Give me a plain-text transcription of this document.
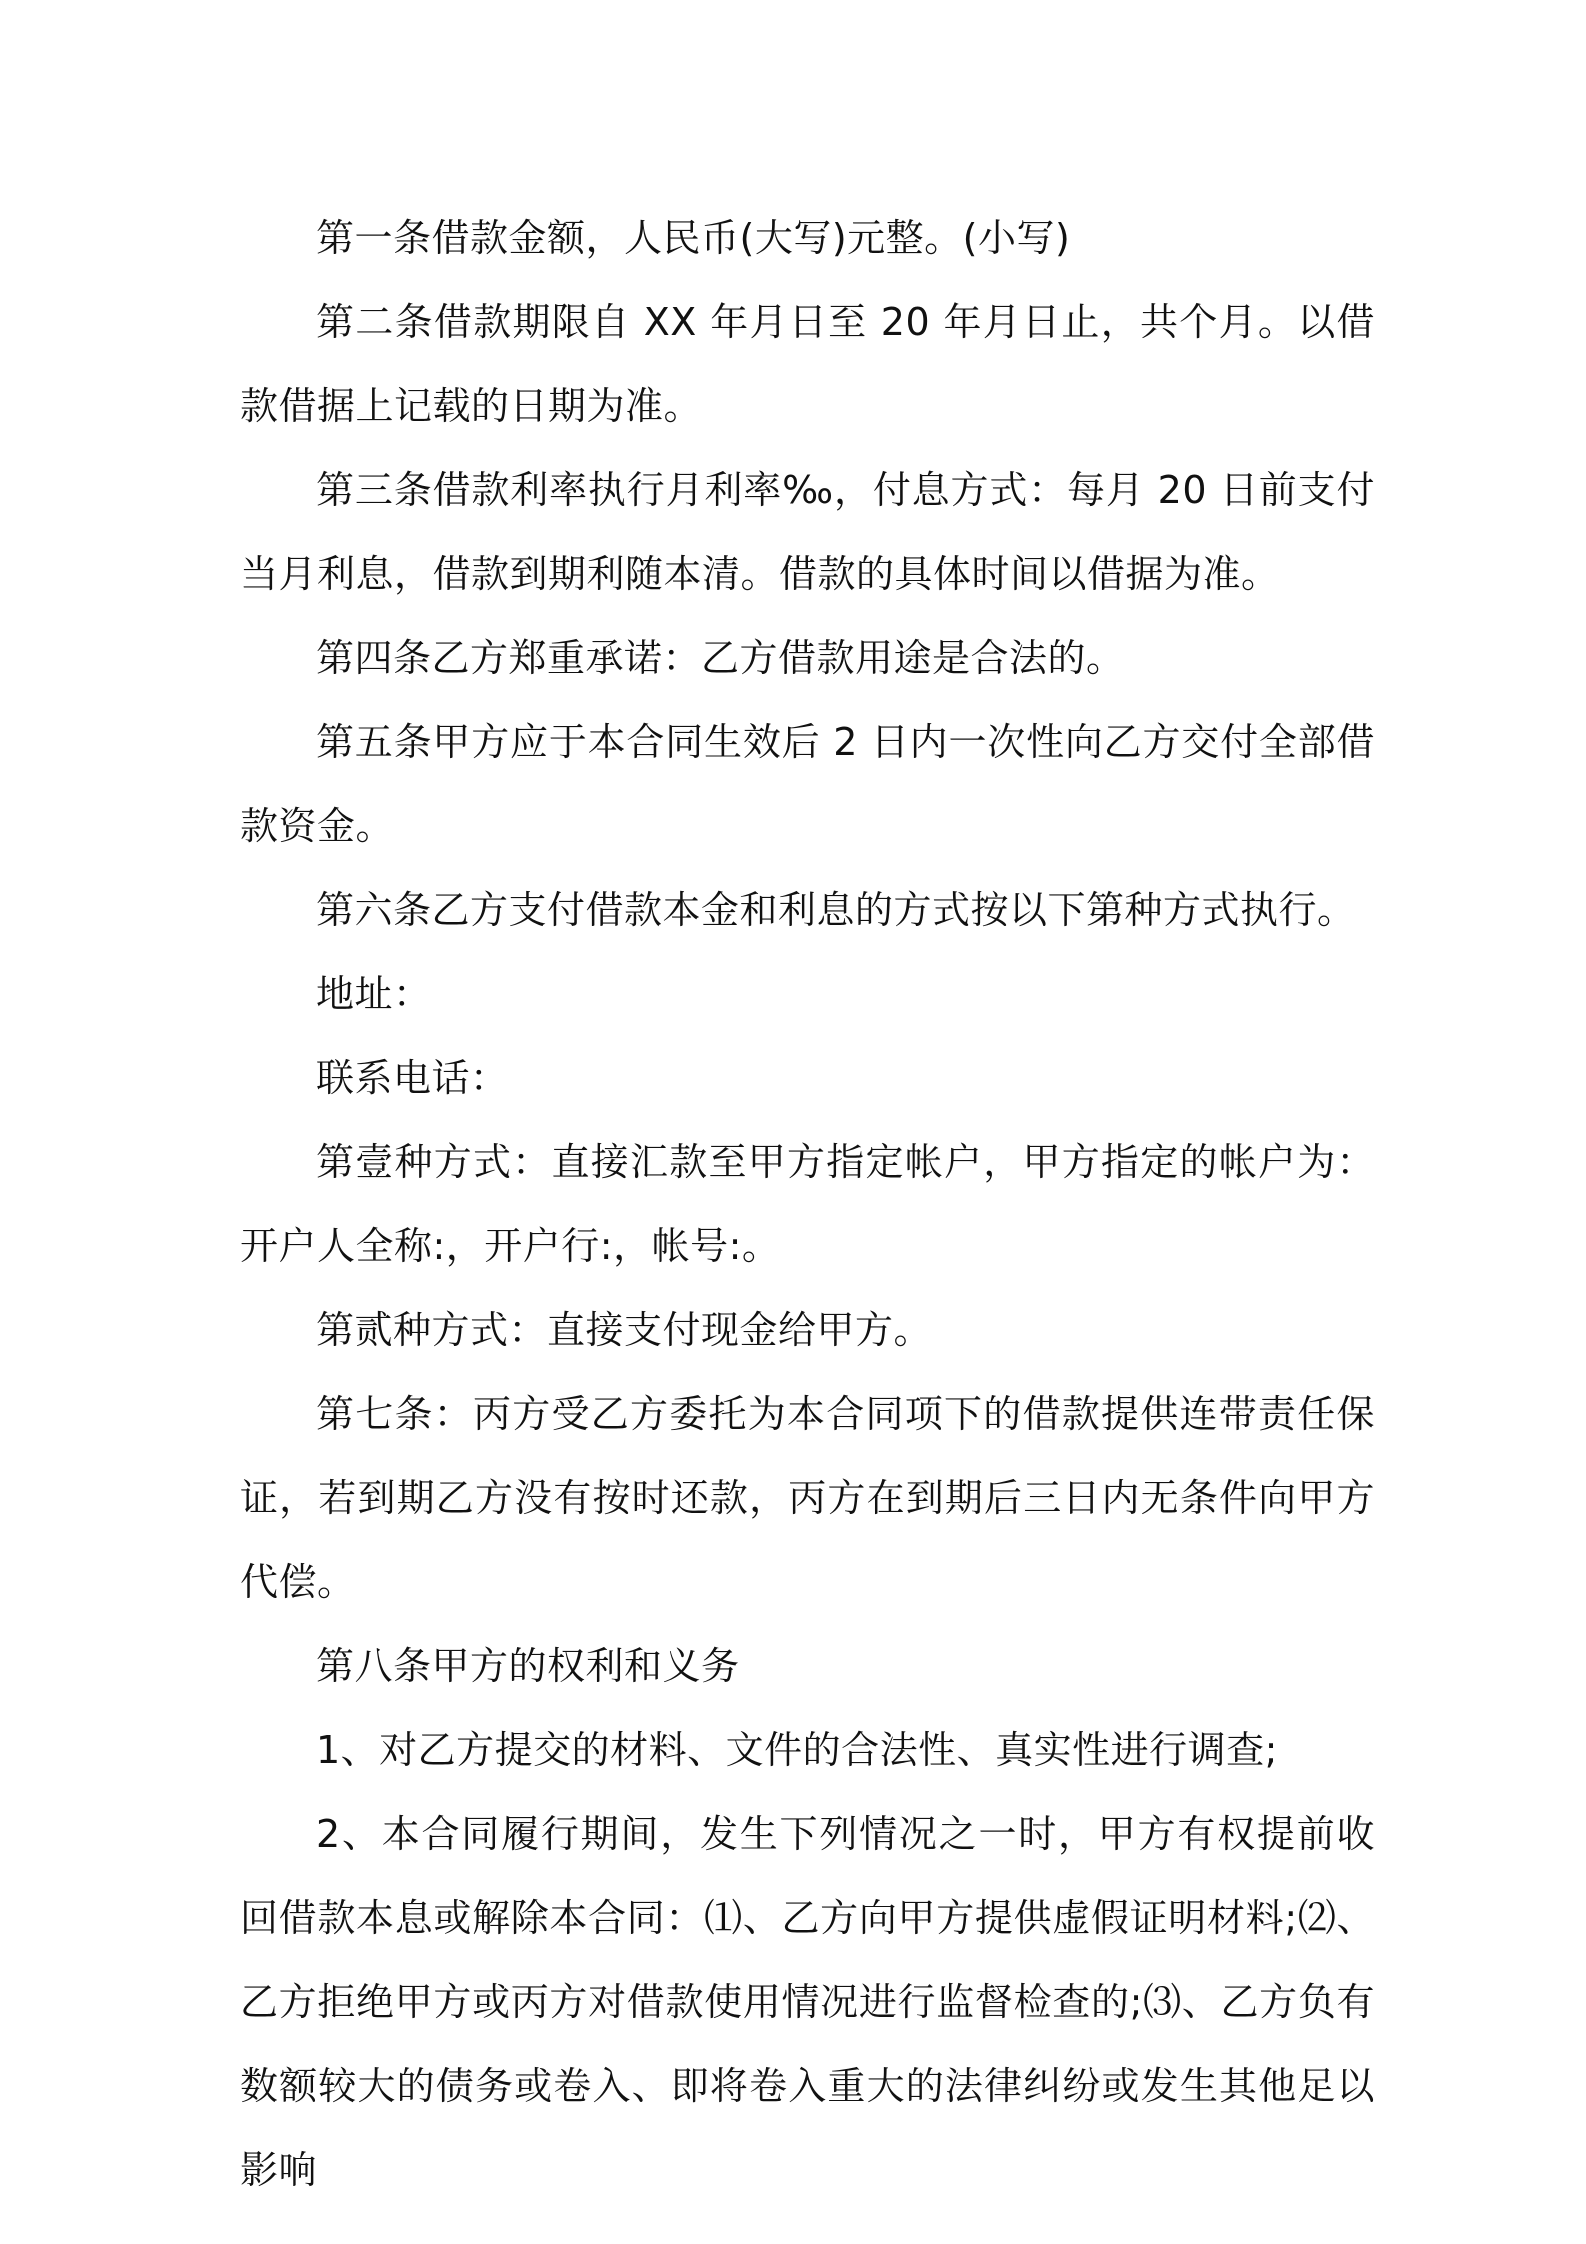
第一条借款金额，人民币(大写)元整。(小写)

第二条借款期限自 XX 年月日至 20 年月日止，共个月。以借款借据上记载的日期为准。

第三条借款利率执行月利率‰，付息方式：每月 20 日前支付当月利息，借款到期利随本清。借款的具体时间以借据为准。

第四条乙方郑重承诺：乙方借款用途是合法的。

第五条甲方应于本合同生效后 2 日内一次性向乙方交付全部借款资金。

第六条乙方支付借款本金和利息的方式按以下第种方式执行。

地址：

联系电话：

第壹种方式：直接汇款至甲方指定帐户，甲方指定的帐户为：开户人全称:，开户行:，帐号:。

第贰种方式：直接支付现金给甲方。

第七条：丙方受乙方委托为本合同项下的借款提供连带责任保证，若到期乙方没有按时还款，丙方在到期后三日内无条件向甲方代偿。

第八条甲方的权利和义务

1、对乙方提交的材料、文件的合法性、真实性进行调查;

2、本合同履行期间，发生下列情况之一时，甲方有权提前收回借款本息或解除本合同：⑴、乙方向甲方提供虚假证明材料;⑵、乙方拒绝甲方或丙方对借款使用情况进行监督检查的;⑶、乙方负有数额较大的债务或卷入、即将卷入重大的法律纠纷或发生其他足以影响
